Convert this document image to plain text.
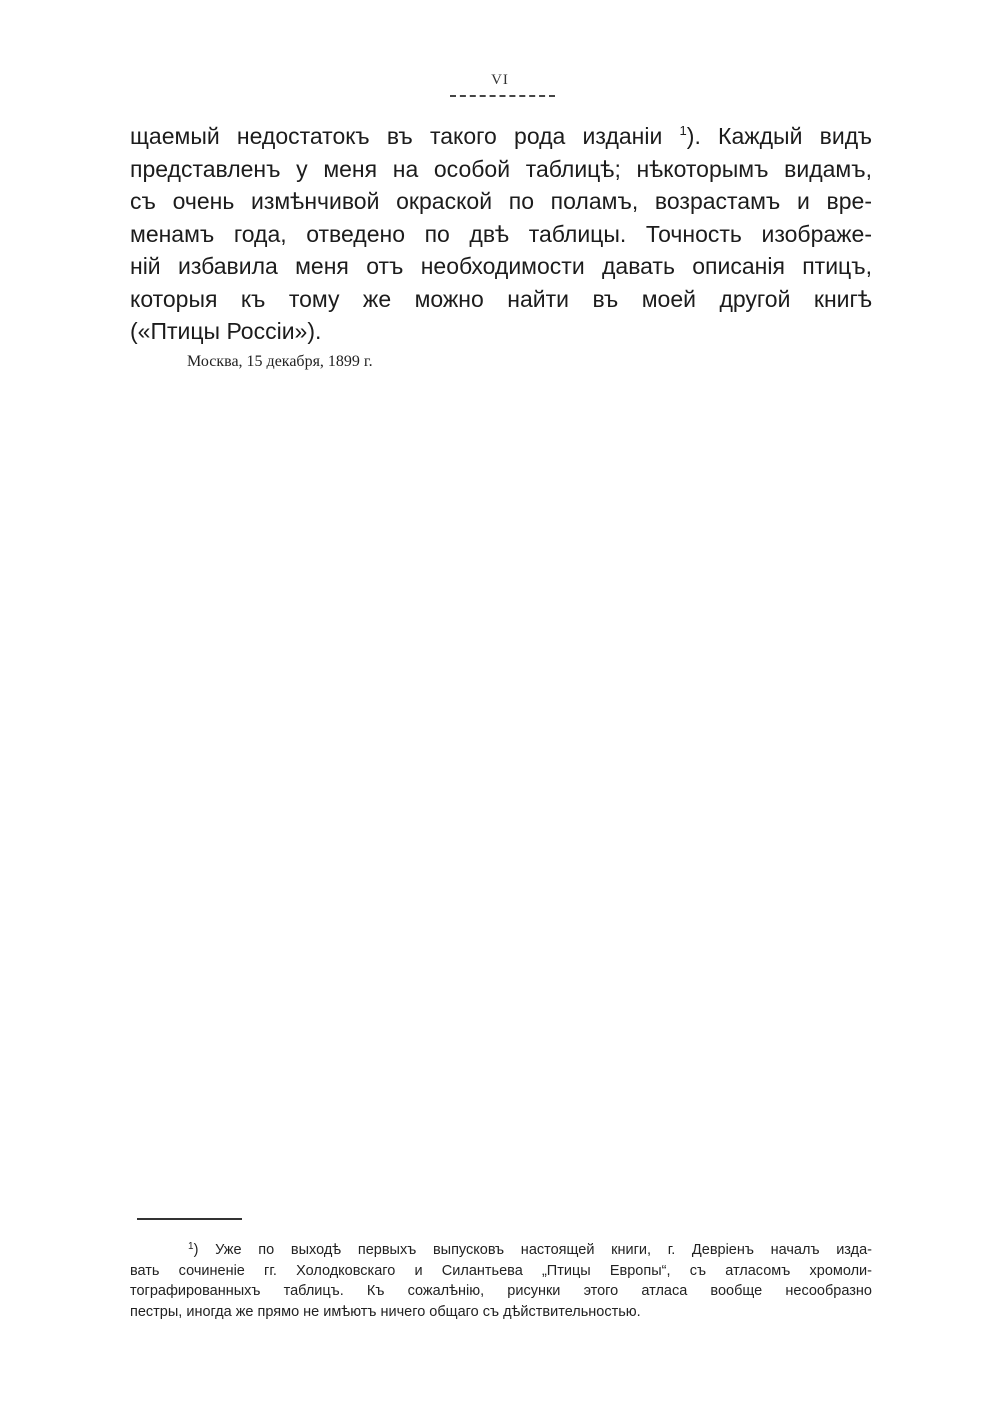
VI
щаемый недостатокъ въ такого рода изданіи $^1$). Каждый видъ
представленъ у меня на особой таблицѣ; нѣкоторымъ видамъ,
съ очень измѣнчивой окраской по поламъ, возрастамъ и вре-
менамъ года, отведено по двѣ таблицы. Точность изображе-
ній избавила меня отъ необходимости давать описанія птицъ,
которыя къ тому же можно найти въ моей другой книгѣ
(«Птицы Россіи»).
Москва, 15 декабря, 1899 г.
$^1$) Уже по выходѣ первыхъ выпусковъ настоящей книги, г. Девріенъ началъ изда-
вать сочиненіе гг. Холодковскаго и Силантьева „Птицы Европы“, съ атласомъ хромоли-
тографированныхъ таблицъ. Къ сожалѣнію, рисунки этого атласа вообще несообразно
пестры, иногда же прямо не имѣютъ ничего общаго съ дѣйствительностью.
